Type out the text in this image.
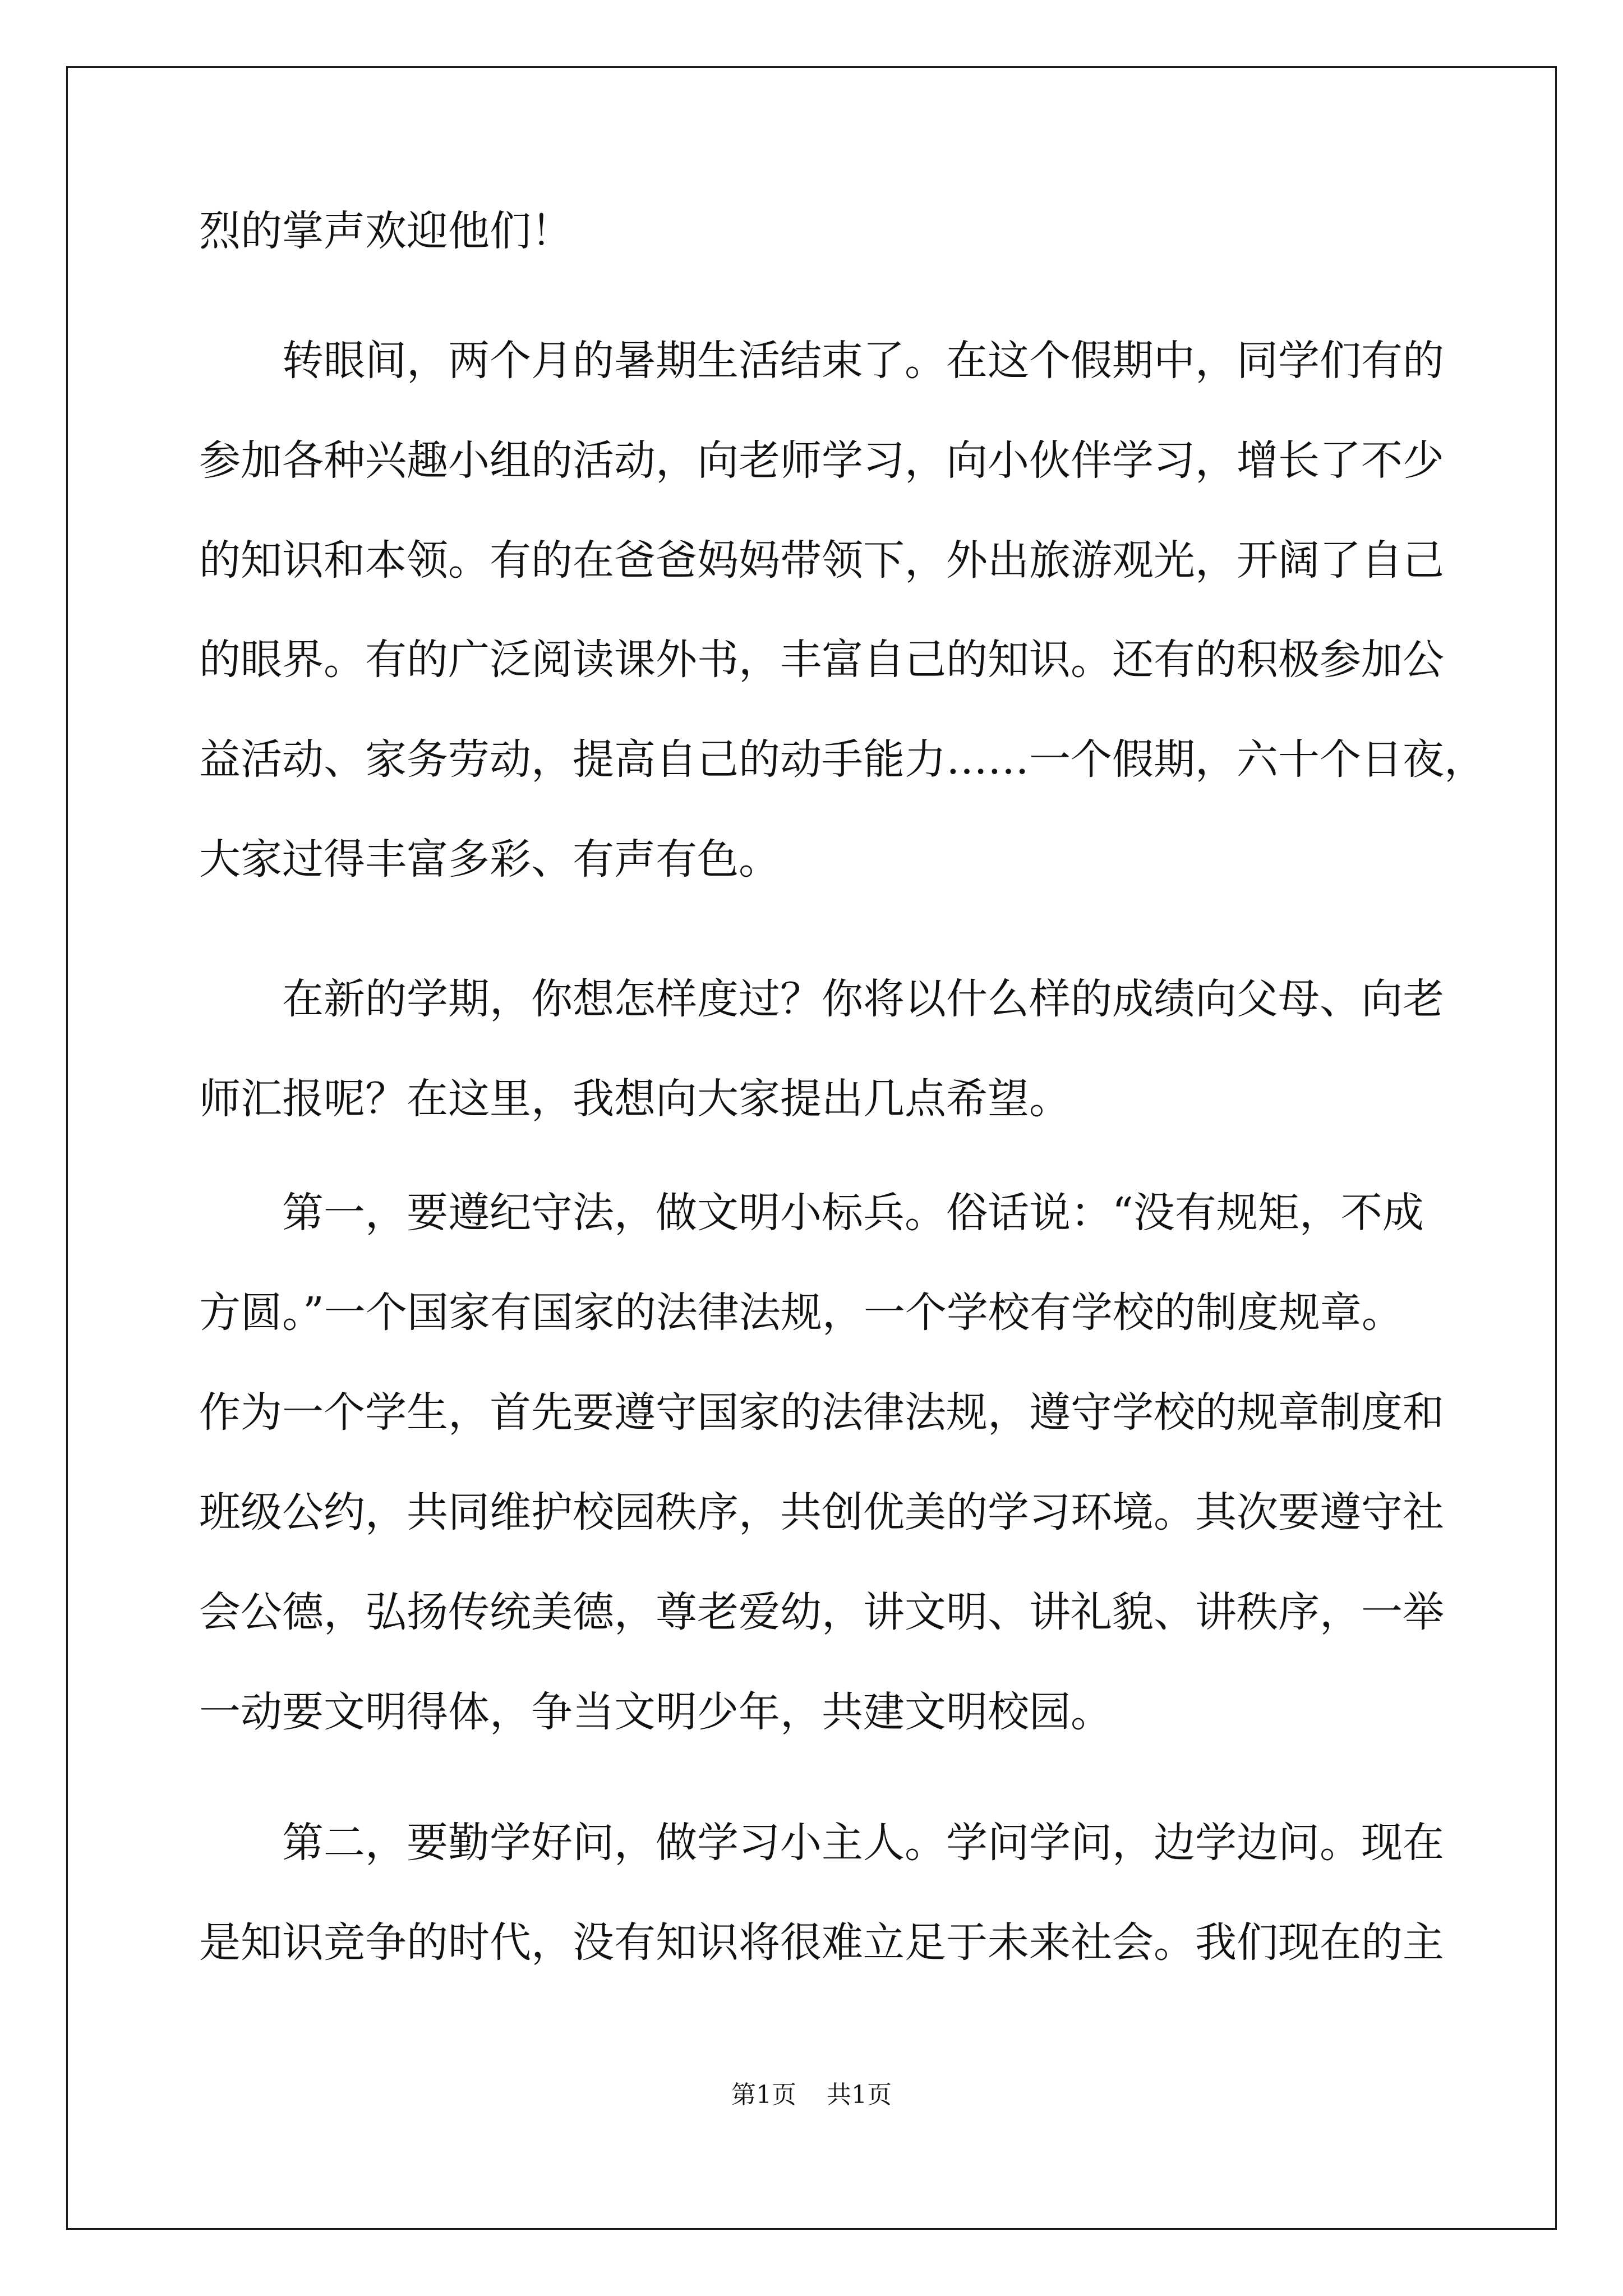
烈的掌声欢迎他们！
转眼间，两个月的暑期生活结束了。在这个假期中，同学们有的
参加各种兴趣小组的活动，向老师学习，向小伙伴学习，增长了不少
的知识和本领。有的在爸爸妈妈带领下，外出旅游观光，开阔了自己
的眼界。有的广泛阅读课外书，丰富自己的知识。还有的积极参加公
益活动、家务劳动，提高自己的动手能力……一个假期，六十个日夜，
大家过得丰富多彩、有声有色。
在新的学期，你想怎样度过？你将以什么样的成绩向父母、向老
师汇报呢？在这里，我想向大家提出几点希望。
第一，要遵纪守法，做文明小标兵。俗话说：“没有规矩，不成
方圆。”一个国家有国家的法律法规，一个学校有学校的制度规章。
作为一个学生，首先要遵守国家的法律法规，遵守学校的规章制度和
班级公约，共同维护校园秩序，共创优美的学习环境。其次要遵守社
会公德，弘扬传统美德，尊老爱幼，讲文明、讲礼貌、讲秩序，一举
一动要文明得体，争当文明少年，共建文明校园。
第二，要勤学好问，做学习小主人。学问学问，边学边问。现在
是知识竞争的时代，没有知识将很难立足于未来社会。我们现在的主
第1页 共1页
